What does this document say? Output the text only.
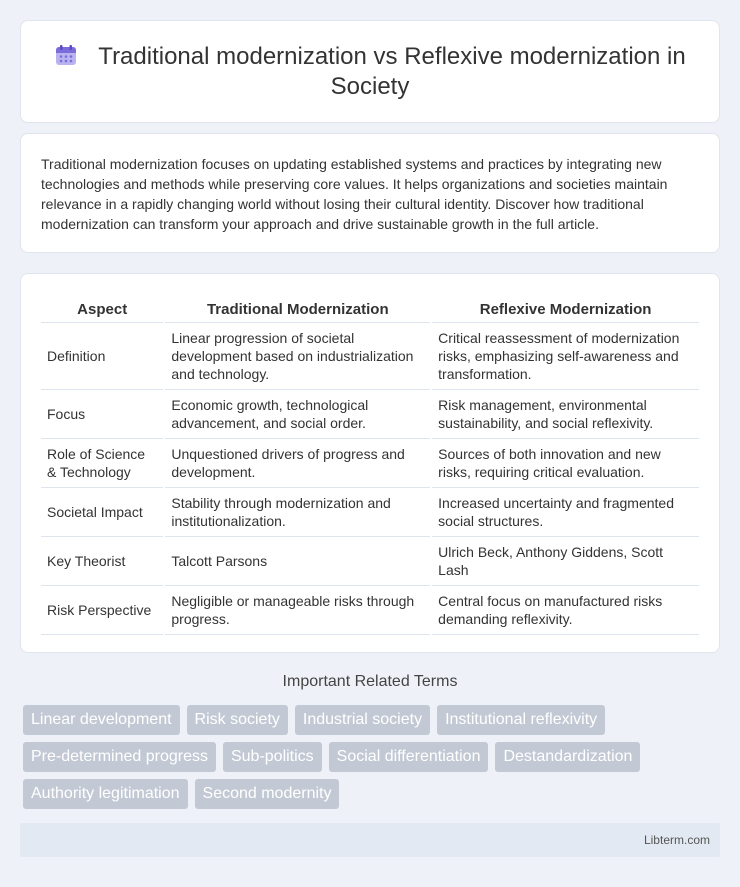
Traditional modernization vs Reflexive modernization in Society

Traditional modernization focuses on updating established systems and practices by integrating new technologies and methods while preserving core values. It helps organizations and societies maintain relevance in a rapidly changing world without losing their cultural identity. Discover how traditional modernization can transform your approach and drive sustainable growth in the full article.

Aspect	Traditional Modernization	Reflexive Modernization
Definition	Linear progression of societal development based on industrialization and technology.	Critical reassessment of modernization risks, emphasizing self-awareness and transformation.
Focus	Economic growth, technological advancement, and social order.	Risk management, environmental sustainability, and social reflexivity.
Role of Science & Technology	Unquestioned drivers of progress and development.	Sources of both innovation and new risks, requiring critical evaluation.
Societal Impact	Stability through modernization and institutionalization.	Increased uncertainty and fragmented social structures.
Key Theorist	Talcott Parsons	Ulrich Beck, Anthony Giddens, Scott Lash
Risk Perspective	Negligible or manageable risks through progress.	Central focus on manufactured risks demanding reflexivity.
Important Related Terms
Linear development	Risk society	Industrial society	Institutional reflexivity
Pre-determined progress	Sub-politics	Social differentiation	Destandardization
Authority legitimation	Second modernity
Libterm.com
